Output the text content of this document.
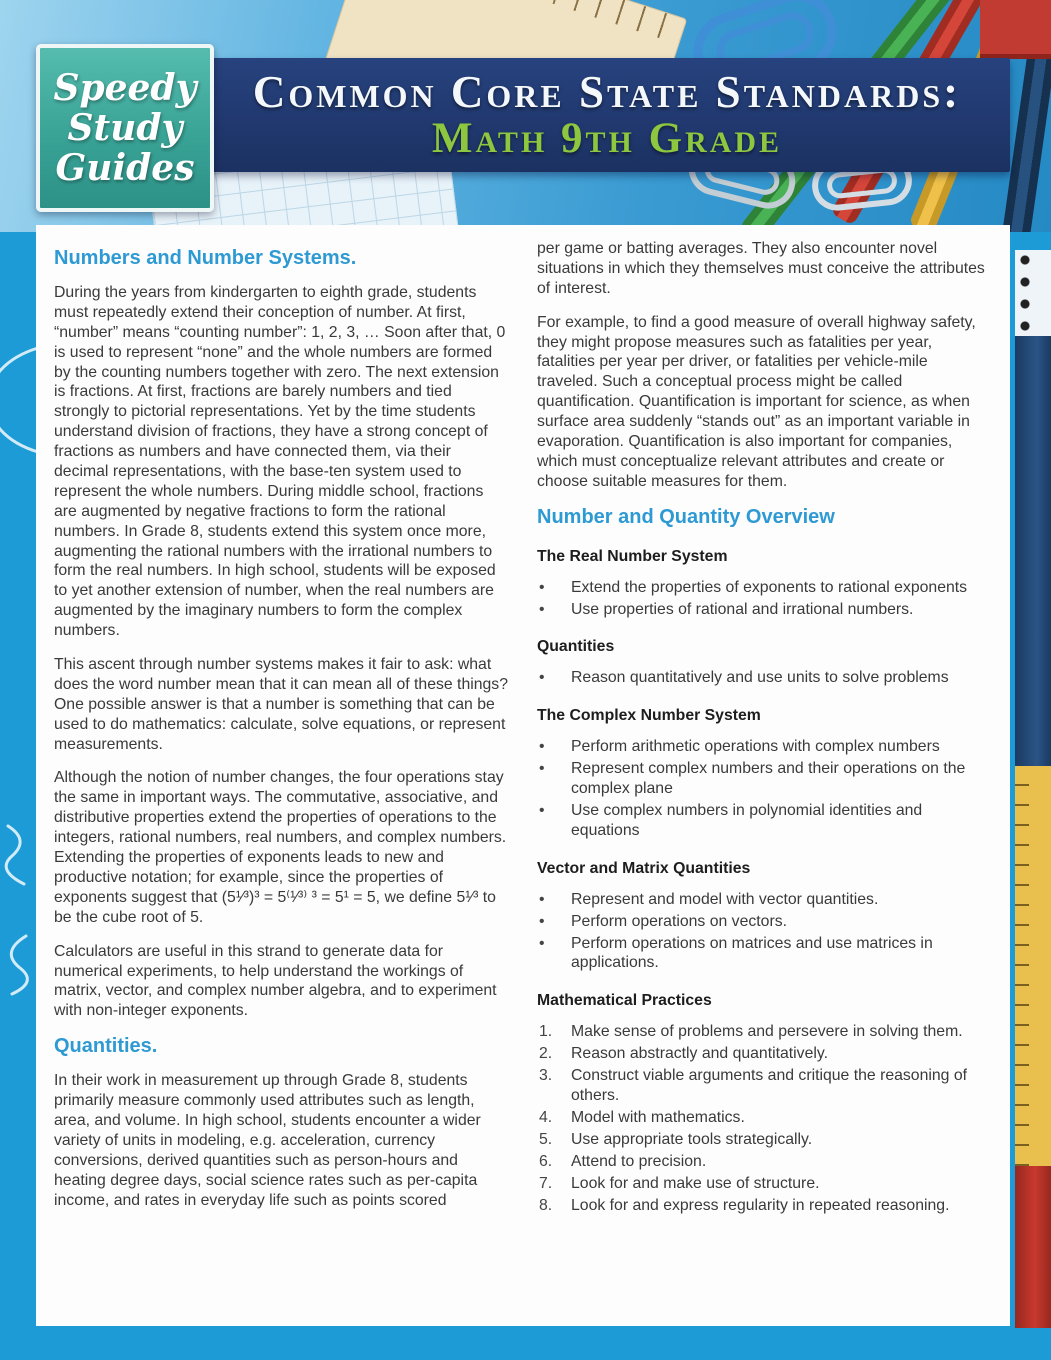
Speedy
Study
Guides
Common Core State Standards:
Math 9th Grade
Numbers and Number Systems.

During the years from kindergarten to eighth grade, students must repeatedly extend their conception of number. At first, “number” means “counting number”: 1, 2, 3, … Soon after that, 0 is used to represent “none” and the whole numbers are formed by the counting numbers together with zero. The next extension is fractions. At first, fractions are barely numbers and tied strongly to pictorial representations. Yet by the time students understand division of fractions, they have a strong concept of fractions as numbers and have connected them, via their decimal representations, with the base-ten system used to represent the whole numbers. During middle school, fractions are augmented by negative fractions to form the rational numbers. In Grade 8, students extend this system once more, augmenting the rational numbers with the irrational numbers to form the real numbers. In high school, students will be exposed to yet another extension of number, when the real numbers are augmented by the imaginary numbers to form the complex numbers.

This ascent through number systems makes it fair to ask: what does the word number mean that it can mean all of these things? One possible answer is that a number is something that can be used to do mathematics: calculate, solve equations, or represent measurements.

Although the notion of number changes, the four operations stay the same in important ways. The commutative, associative, and distributive properties extend the properties of operations to the integers, rational numbers, real numbers, and complex numbers. Extending the properties of exponents leads to new and productive notation; for example, since the properties of exponents suggest that (5¹⁄³)³ = 5⁽¹⁄³⁾ ³ = 5¹ = 5, we define 5¹⁄³ to be the cube root of 5.

Calculators are useful in this strand to generate data for numerical experiments, to help understand the workings of matrix, vector, and complex number algebra, and to experiment with non-integer exponents.

Quantities.

In their work in measurement up through Grade 8, students primarily measure commonly used attributes such as length, area, and volume. In high school, students encounter a wider variety of units in modeling, e.g. acceleration, currency conversions, derived quantities such as person-hours and heating degree days, social science rates such as per-capita income, and rates in everyday life such as points scored

per game or batting averages. They also encounter novel situations in which they themselves must conceive the attributes of interest.

For example, to find a good measure of overall highway safety, they might propose measures such as fatalities per year, fatalities per year per driver, or fatalities per vehicle-mile traveled. Such a conceptual process might be called quantification. Quantification is important for science, as when surface area suddenly “stands out” as an important variable in evaporation. Quantification is also important for companies, which must conceptualize relevant attributes and create or choose suitable measures for them.

Number and Quantity Overview
The Real Number System
•	Extend the properties of exponents to rational exponents
•	Use properties of rational and irrational numbers.
Quantities
•	Reason quantitatively and use units to solve problems
The Complex Number System
•	Perform arithmetic operations with complex numbers
•	Represent complex numbers and their operations on the complex plane
•	Use complex numbers in polynomial identities and equations
Vector and Matrix Quantities
•	Represent and model with vector quantities.
•	Perform operations on vectors.
•	Perform operations on matrices and use matrices in applications.
Mathematical Practices
1.	Make sense of problems and persevere in solving them.
2.	Reason abstractly and quantitatively.
3.	Construct viable arguments and critique the reasoning of others.
4.	Model with mathematics.
5.	Use appropriate tools strategically.
6.	Attend to precision.
7.	Look for and make use of structure.
8.	Look for and express regularity in repeated reasoning.
